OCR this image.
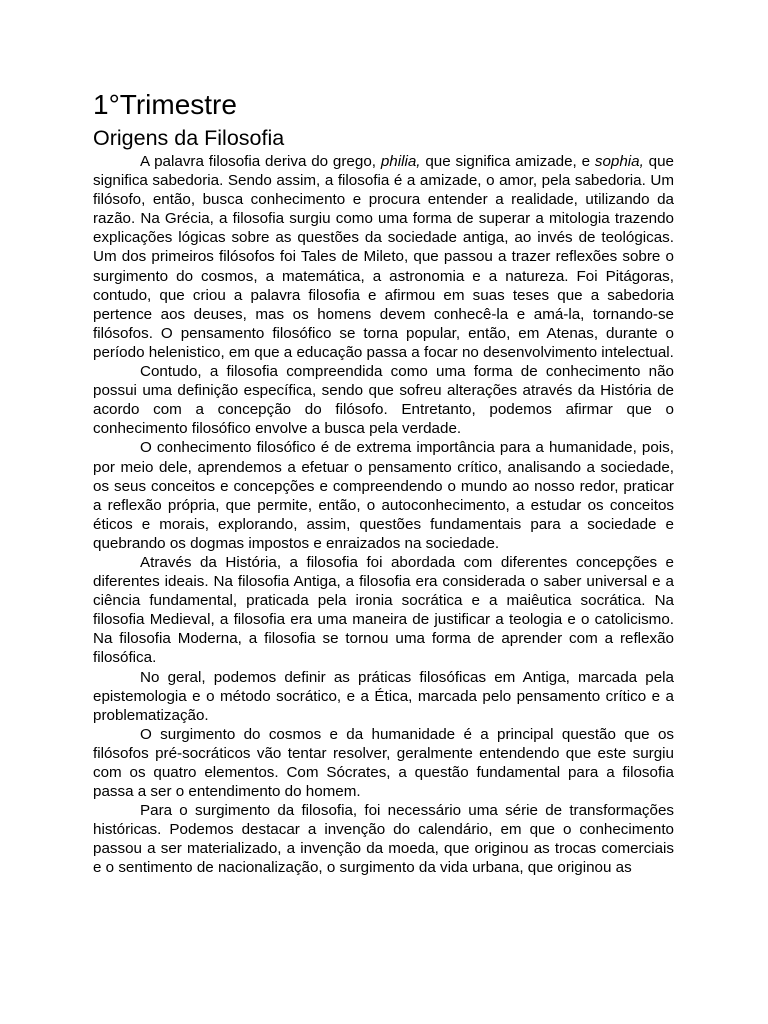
1°Trimestre
Origens da Filosofia

A palavra filosofia deriva do grego, philia, que significa amizade, e sophia, que significa sabedoria. Sendo assim, a filosofia é a amizade, o amor, pela sabedoria. Um filósofo, então, busca conhecimento e procura entender a realidade, utilizando da razão. Na Grécia, a filosofia surgiu como uma forma de superar a mitologia trazendo explicações lógicas sobre as questões da sociedade antiga, ao invés de teológicas. Um dos primeiros filósofos foi Tales de Mileto, que passou a trazer reflexões sobre o surgimento do cosmos, a matemática, a astronomia e a natureza. Foi Pitágoras, contudo, que criou a palavra filosofia e afirmou em suas teses que a sabedoria pertence aos deuses, mas os homens devem conhecê-la e amá-la, tornando-se filósofos. O pensamento filosófico se torna popular, então, em Atenas, durante o período helenistico, em que a educação passa a focar no desenvolvimento intelectual.

Contudo, a filosofia compreendida como uma forma de conhecimento não possui uma definição específica, sendo que sofreu alterações através da História de acordo com a concepção do filósofo. Entretanto, podemos afirmar que o conhecimento filosófico envolve a busca pela verdade.

O conhecimento filosófico é de extrema importância para a humanidade, pois, por meio dele, aprendemos a efetuar o pensamento crítico, analisando a sociedade, os seus conceitos e concepções e compreendendo o mundo ao nosso redor, praticar a reflexão própria, que permite, então, o autoconhecimento, a estudar os conceitos éticos e morais, explorando, assim, questões fundamentais para a sociedade e quebrando os dogmas impostos e enraizados na sociedade.

Através da História, a filosofia foi abordada com diferentes concepções e diferentes ideais. Na filosofia Antiga, a filosofia era considerada o saber universal e a ciência fundamental, praticada pela ironia socrática e a maiêutica socrática. Na filosofia Medieval, a filosofia era uma maneira de justificar a teologia e o catolicismo. Na filosofia Moderna, a filosofia se tornou uma forma de aprender com a reflexão filosófica.

No geral, podemos definir as práticas filosóficas em Antiga, marcada pela epistemologia e o método socrático, e a Ética, marcada pelo pensamento crítico e a problematização.

O surgimento do cosmos e da humanidade é a principal questão que os filósofos pré-socráticos vão tentar resolver, geralmente entendendo que este surgiu com os quatro elementos. Com Sócrates, a questão fundamental para a filosofia passa a ser o entendimento do homem.

Para o surgimento da filosofia, foi necessário uma série de transformações históricas. Podemos destacar a invenção do calendário, em que o conhecimento passou a ser materializado, a invenção da moeda, que originou as trocas comerciais e o sentimento de nacionalização, o surgimento da vida urbana, que originou as
